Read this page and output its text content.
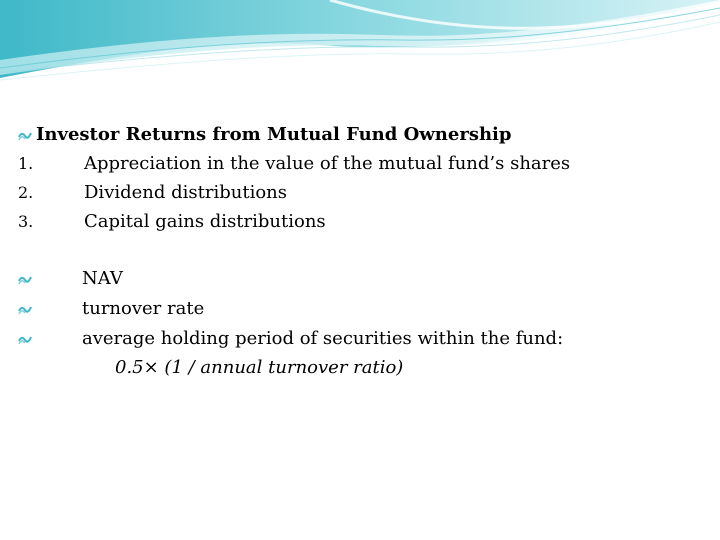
Investor Returns from Mutual Fund Ownership
1.	Appreciation in the value of the mutual fund’s shares
2.	Dividend distributions
3.	Capital gains distributions
NAV
turnover rate
average holding period of securities within the fund:
0.5× (1 / annual turnover ratio)
